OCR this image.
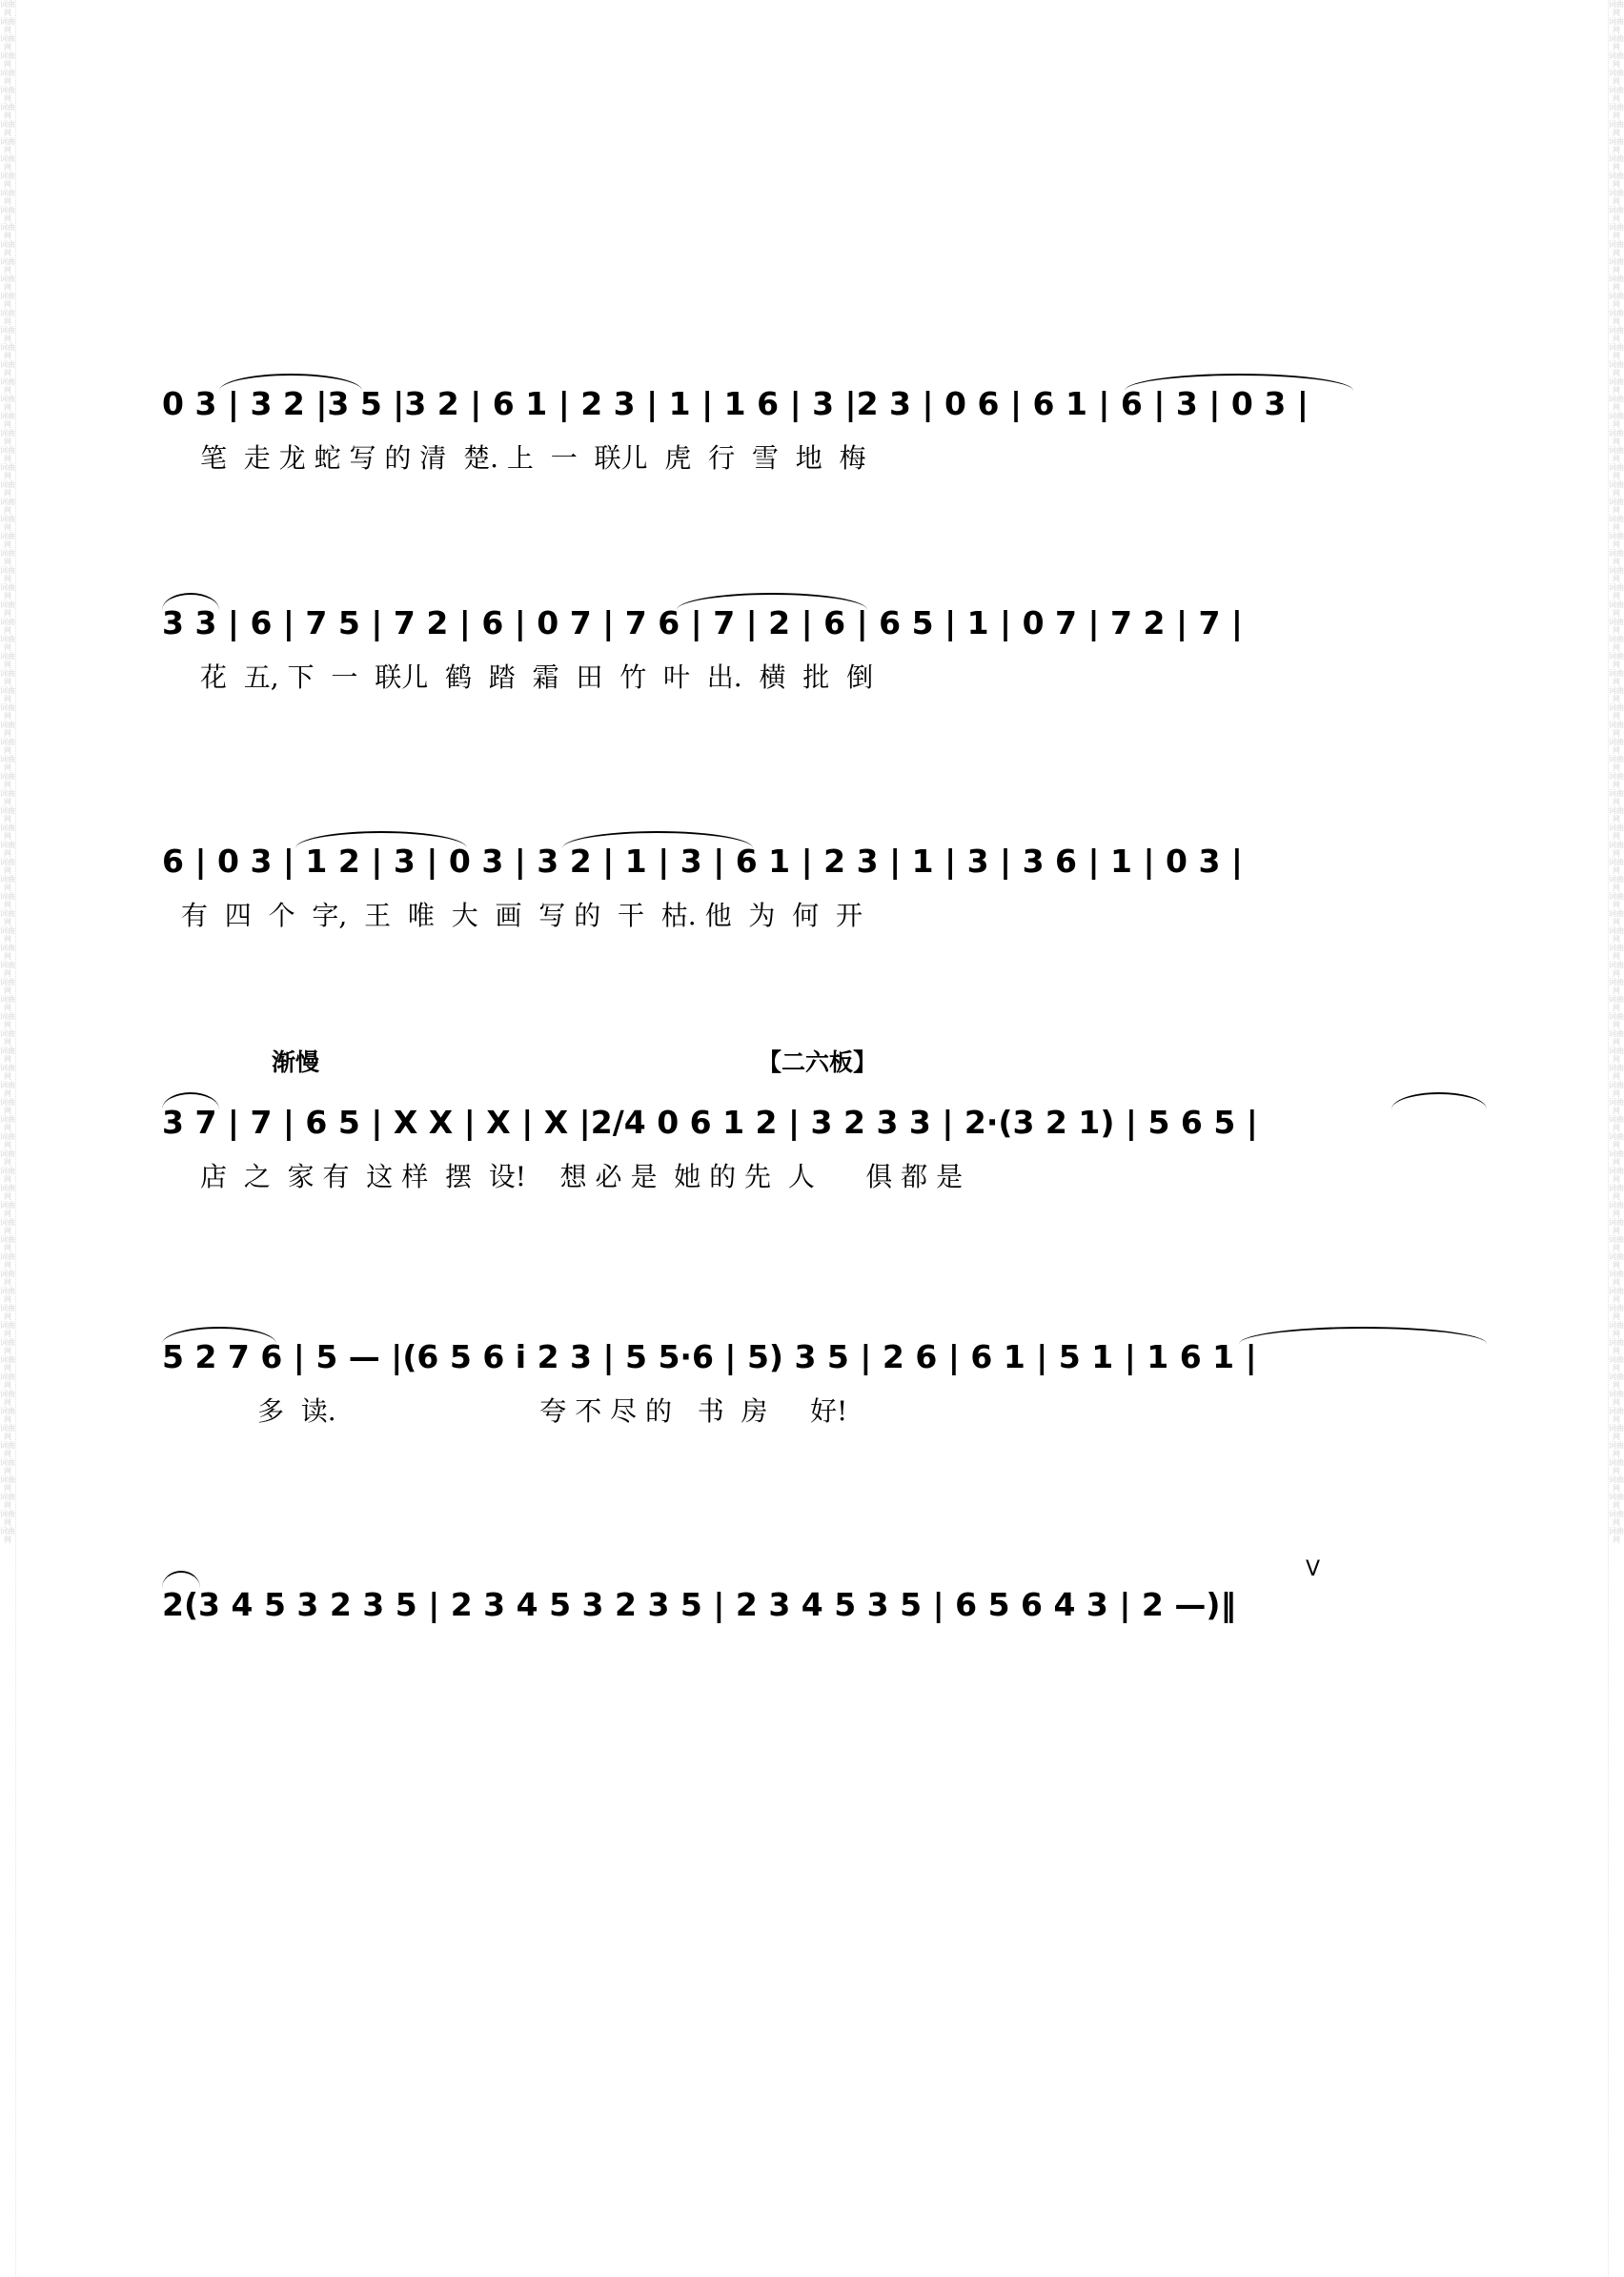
词曲网 词曲网 词曲网 词曲网 词曲网 词曲网 词曲网 词曲网 词曲网 词曲网 词曲网 词曲网 词曲网 词曲网 词曲网 词曲网 词曲网 词曲网 词曲网 词曲网 词曲网 词曲网 词曲网 词曲网 词曲网 词曲网 词曲网 词曲网 词曲网 词曲网 词曲网 词曲网 词曲网 词曲网 词曲网 词曲网 词曲网 词曲网 词曲网 词曲网 词曲网 词曲网 词曲网 词曲网 词曲网 词曲网 词曲网 词曲网 词曲网 词曲网 词曲网 词曲网 词曲网 词曲网 词曲网 词曲网 词曲网 词曲网 词曲网 词曲网 词曲网 词曲网 词曲网 词曲网 词曲网 词曲网 词曲网 词曲网 词曲网 词曲网 词曲网 词曲网 词曲网 词曲网 词曲网 词曲网 词曲网 词曲网 词曲网 词曲网 词曲网 词曲网 词曲网 词曲网 词曲网 词曲网 词曲网 词曲网 词曲网 词曲网
词曲网 词曲网 词曲网 词曲网 词曲网 词曲网 词曲网 词曲网 词曲网 词曲网 词曲网 词曲网 词曲网 词曲网 词曲网 词曲网 词曲网 词曲网 词曲网 词曲网 词曲网 词曲网 词曲网 词曲网 词曲网 词曲网 词曲网 词曲网 词曲网 词曲网 词曲网 词曲网 词曲网 词曲网 词曲网 词曲网 词曲网 词曲网 词曲网 词曲网 词曲网 词曲网 词曲网 词曲网 词曲网 词曲网 词曲网 词曲网 词曲网 词曲网 词曲网 词曲网 词曲网 词曲网 词曲网 词曲网 词曲网 词曲网 词曲网 词曲网 词曲网 词曲网 词曲网 词曲网 词曲网 词曲网 词曲网 词曲网 词曲网 词曲网 词曲网 词曲网 词曲网 词曲网 词曲网 词曲网 词曲网 词曲网 词曲网 词曲网 词曲网 词曲网 词曲网 词曲网 词曲网 词曲网 词曲网 词曲网 词曲网 词曲网
0 3 | 3 2 |3 5 |3 2 | 6 1 | 2 3 | 1 | 1 6 | 3 |2 3 | 0 6 | 6 1 | 6 | 3 | 0 3 |
笔  走 龙 蛇 写 的 清  楚. 上  一  联儿  虎  行  雪  地  梅
3 3 | 6 | 7 5 | 7 2 | 6 | 0 7 | 7 6 | 7 | 2 | 6 | 6 5 | 1 | 0 7 | 7 2 | 7 |
花  五, 下  一  联儿  鹤  踏  霜  田  竹  叶  出.  横  批  倒
6 | 0 3 | 1 2 | 3 | 0 3 | 3 2 | 1 | 3 | 6 1 | 2 3 | 1 | 3 | 3 6 | 1 | 0 3 |
有  四  个  字,  王  唯  大  画  写 的  干  枯. 他  为  何  开
渐慢	【二六板】
3 7 | 7 | 6 5 | X X | X | X |2/4 0 6 1 2 | 3 2 3 3 | 2·(3 2 1) | 5 6 5 |
店  之  家 有  这 样  摆  设!    想 必 是  她 的 先  人      俱 都 是
5 2 7 6 | 5 — |(6 5 6 i 2 3 | 5 5·6 | 5) 3 5 | 2 6 | 6 1 | 5 1 | 1 6 1 |
多  读.                        夸 不 尽 的   书  房     好!
V
2(3 4 5 3 2 3 5 | 2 3 4 5 3 2 3 5 | 2 3 4 5 3 5 | 6 5 6 4 3 | 2 —)‖
